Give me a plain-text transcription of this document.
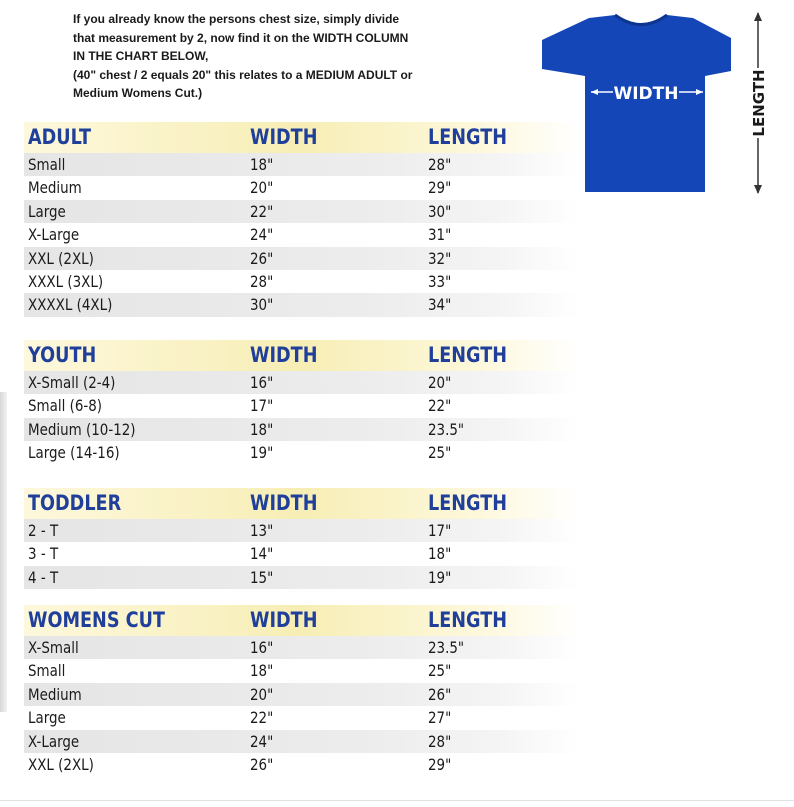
If you already know the persons chest size, simply divide
that measurement by 2, now find it on the WIDTH COLUMN
IN THE CHART BELOW,
(40" chest / 2 equals 20" this relates to a MEDIUM ADULT or
Medium Womens Cut.)	WIDTH	LENGTH
ADULT	WIDTH	LENGTH
Small	18"	28"
Medium	20"	29"
Large	22"	30"
X-Large	24"	31"
XXL (2XL)	26"	32"
XXXL (3XL)	28"	33"
XXXXL (4XL)	30"	34"
YOUTH	WIDTH	LENGTH
X-Small (2-4)	16"	20"
Small (6-8)	17"	22"
Medium (10-12)	18"	23.5"
Large (14-16)	19"	25"
TODDLER	WIDTH	LENGTH
2 - T	13"	17"
3 - T	14"	18"
4 - T	15"	19"
WOMENS CUT	WIDTH	LENGTH
X-Small	16"	23.5"
Small	18"	25"
Medium	20"	26"
Large	22"	27"
X-Large	24"	28"
XXL (2XL)	26"	29"
